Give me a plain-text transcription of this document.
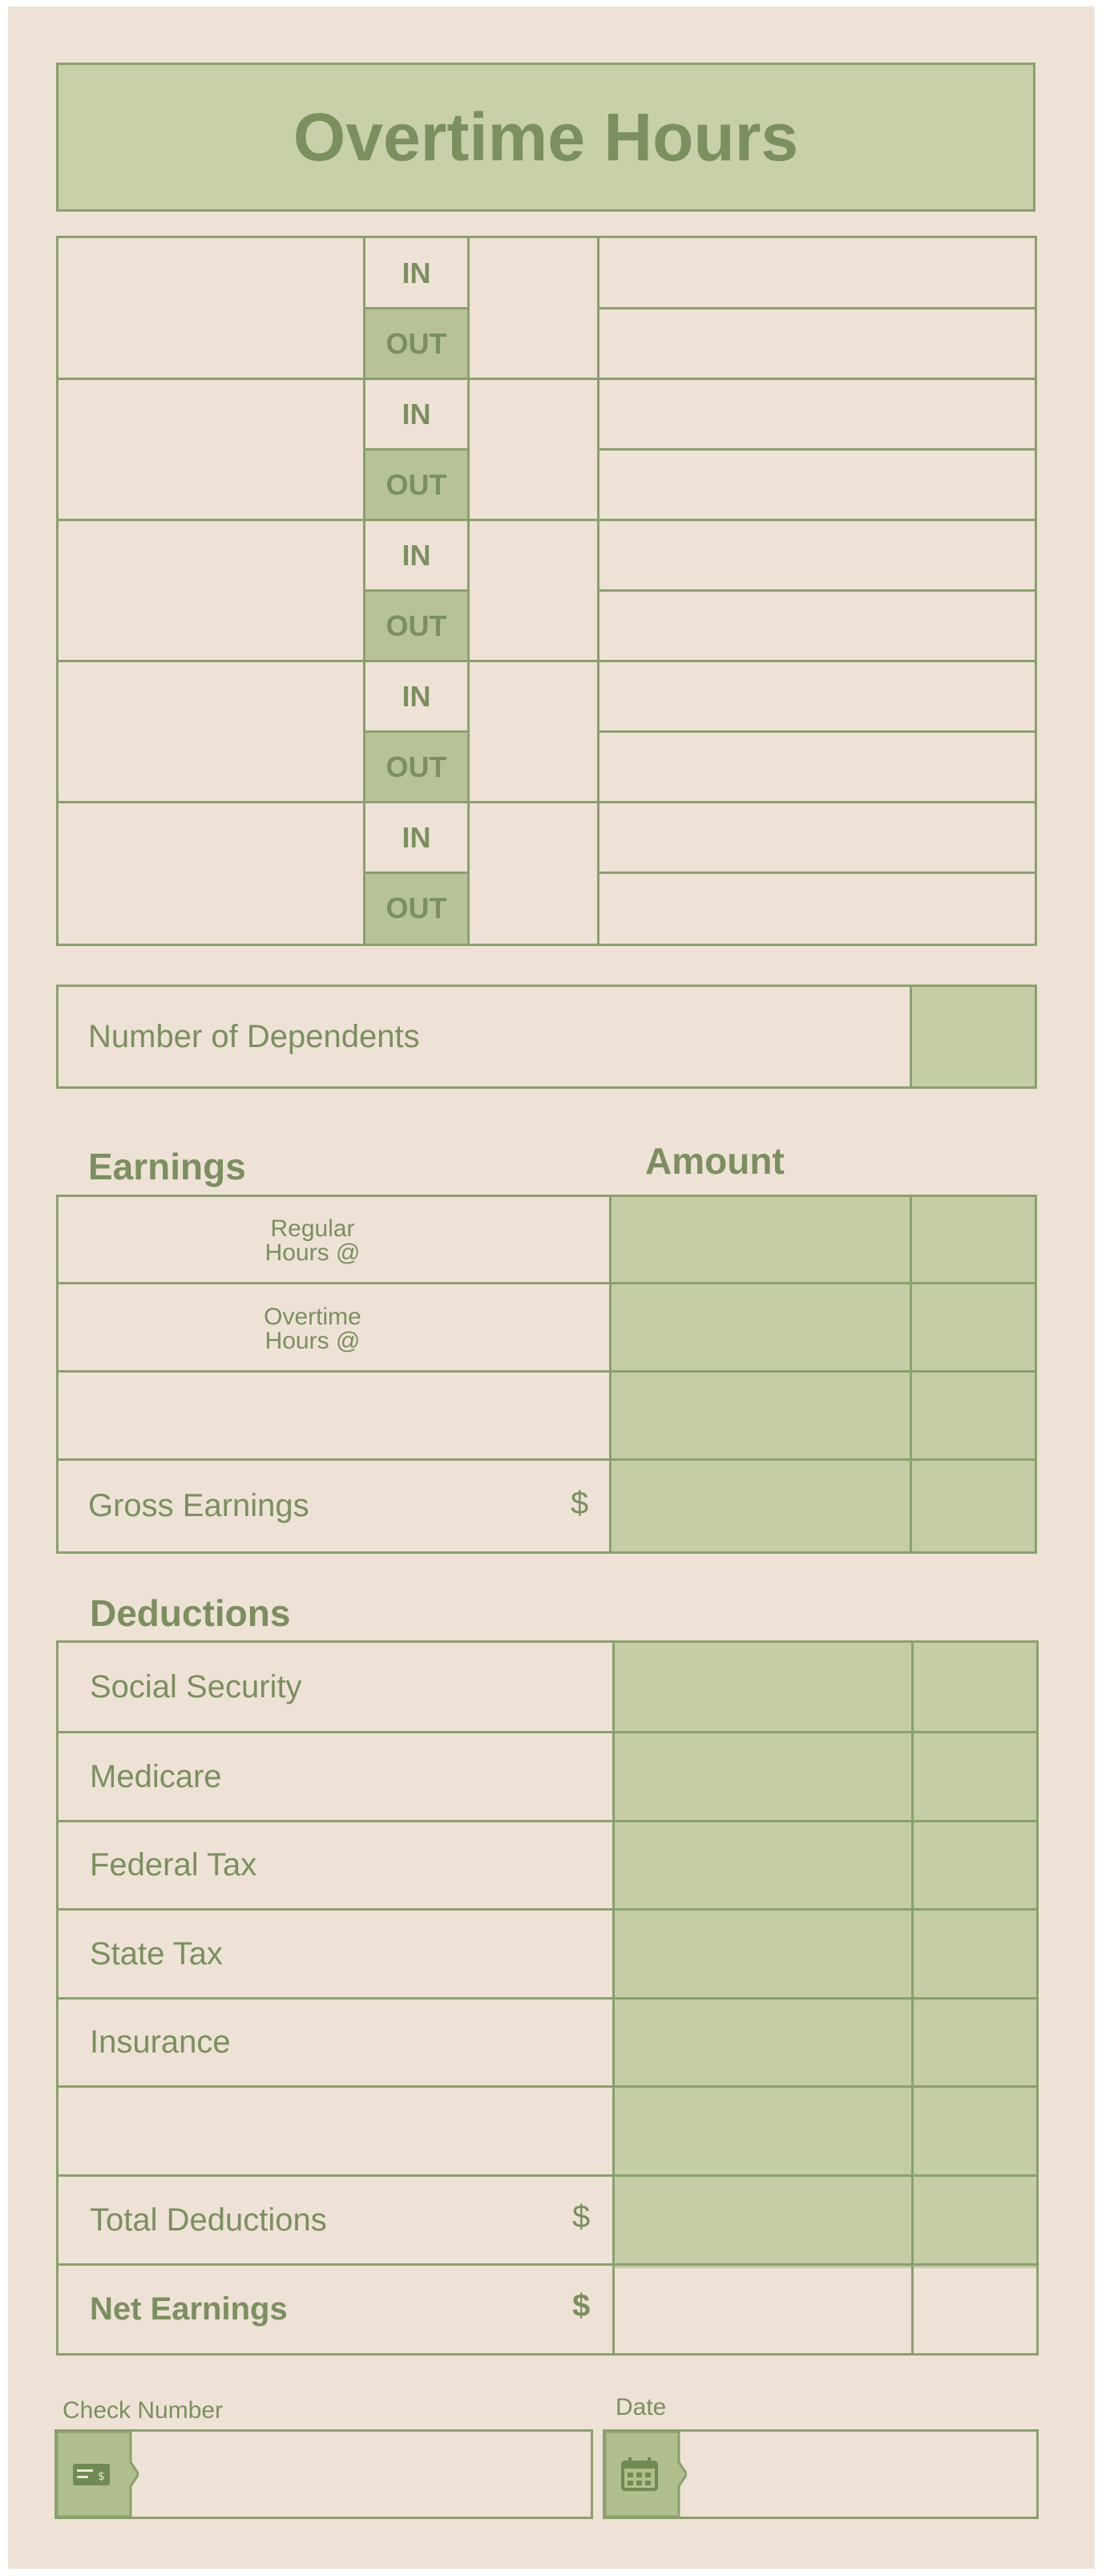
Overtime Hours
IN
OUT
IN
OUT
IN
OUT
IN
OUT
IN
OUT
Number of Dependents
Earnings	Amount
Regular
Hours @
Overtime
Hours @
Gross Earnings	$
Deductions
Social Security
Medicare
Federal Tax
State Tax
Insurance
Total Deductions	$
Net Earnings	$
Check Number	Date
$
